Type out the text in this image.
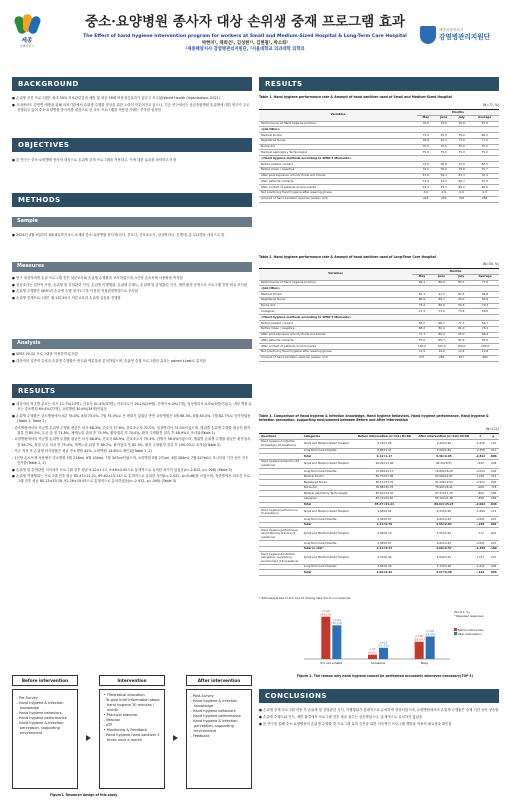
세종
특별자치시
중소·요양병원 종사자 대상 손위생 중재 프로그램 효과
The Effect of hand hygiene intervention program for workers at Small and Medium-Sized Hospital & Long-Term Care Hospital
박현미¹, 채희선¹, 김성현¹², 김현철¹, 박소희¹
¹세종해양지사 감염병관리지원단, ²서울대학교 의과대학 의학과
세종특별자치시
감염병관리지원단
BACKGROUND
● 손위생 증진 프로그램은 최대 50% 의료관련감염 예방 및 평균 16배 비용절감효과가 있다고 보고됨(World Health Organization, 2021)
● 국내에서도 감염병 예방을 위해 의료기관에서 손위생 수행률 향상을 위한 노력이 이루어지고 있으나, 기존 연구에서는 상급종합병원 손위생에 대한 연구가 주로 진행되고 있어 중소·요양병원 종사자를 대상으로 한 교육 프로그램을 적용한 사례는 부족한 실정임
OBJECTIVES
● 본 연구는 중소·요양병원 종사자 대상으로 손위생 중재 프로그램을 적용하고, 이에 대한 효과를 파악하고자 함
METHODS
Sample
● 2024년 4월 9일부터 8월 8일까지 5시 소재의 중소·요양병원 종사자(의사, 간호사, 간호조무사, 임상병리사, 간병사) 총 111명을 대상으로 함
Measures
● 연구 대상자에게 손위 프로그램 전후 설문조사와 손위생 수행률을 조사하였으며, 1인당 손소독제 사용량을 측정함
● 설문조사는 일반적 사항, 손위생 및 감염관련 지식, 손위생 이행행위, 손위생 수행도, 손위생 및 감염관련 인식, 제반 환경 운영으로 프로그램 전후 비교 조사함
● 손위생 수행률은 WHO의 손위생 수행 평가도구를 이용한 직접관찰방법으로 조사함
● 손위생 중재프로그램은 월 1회 3차시 이론교육과 손위생 실습을 진행함
Analysis
● SPSS 29.02 프로그램을 이용하여 분석함
● 대상자의 일반적 특성과 손위생 수행률은 빈도와 백분율을 분석하였으며, 손위생 중재 프로그램의 효과는 paired t-test로 분석함
RESULTS
● 대상자의 직군별 분포는 의사 11.7%(13명), 간호사 51.4%(57명), 간호조무사 26.1%(29명), 간병사 6.3%(7명), 임상병리사 4.5%(5명)이었고, 대상 병원 분포는 중소병원 69.4%(77명), 요양병원 30.6%(34명)이었음
● 손위생 수행률은 중소병원에서 5분 76.0%, 6월 75.0%, 7월 75.0%로 큰 변화가 없었던 반면 요양병원은 5월 68.3%, 6월 80.0%, 7월 82.7%로 증가하였음(Table 1, Table 2)
- 중소병원에서의 직군별 손위생 수행률 평균은 의사 68.3%, 간호사 77.6%, 간호조무사 75.0%, 임상병리사 75.0%이었으며, 행위별 손위생 수행률 평균은 환자접촉 전 80.5%, 무균 술 전 71.8%, 체액노출 위험 후 75.9%, 환자접촉 후 70.0%, 환자 주변환경 접촉 후 48.9%로 조사됨(Table 1)
- 요양병원에서의 직군별 손위생 수행률 평균은 의사 86.8%, 간호사 88.9%, 간호조무사 79.3%, 간병사 56.0%이었으며, 행위별 손위생 수행률 평균은 환자접촉 전 64.7%, 청결 무균 처치 전 75.4%, 체액노출 위험 후 86.2%, 환자접촉 후 82.5%, 환자 주변환경 접촉 후 100.0%로 조사됨(Table 2)
- 직군 적용 후 손위생 이사행률은 평균 종소병원 42%, 요양병원 14.8%로 확인됨(Table 1, 2)
- 1인당 손소독제 사용량은 중소병원 5월 218ml, 6월 250ml, 7월 307ml이었으며, 요양병원 5월 271ml, 6월 284ml, 7월 427ml로 모니터링 기간 동안 지속 증가함(Table 1, 2)
● 손위생 및 감염관련 지식에서 프로그램 전후 평균 9.12±1.17, 9.46±0.93으로 통계적으로 유의한 차이가 있었음(t=-2.812, p=.006) (Table 3)
● 손위생 이행행위는 프로그램 전후 평균 85.47±21.21, 89.62±15.23으로 통계적으로 유의한 차이(t=-2.022, p=0.46)를 보였으며, 직종별에서 대조간 프로그램 전후 평균 80.13±33.76, 92.26±19.93으로 통계적으로 유의하였음(t=-2.922, p=.005) (Table 3)
Before intervention	Intervention	After intervention
- Pre-Survey
- Hand hygiene & Infection knowledge
- Hand hygiene behaviors
- Hand hygiene performance
- Hand hygiene & Infection perception, supporting environment
• Theoretical education
- To give brief information about hand hygiene 30 minutes / month
• Practical exercise
- Vewclox
- ATP
• Monitoring & Feedback
- Hand hygiene,hand sanitizer 3 times once a month
- Post-Survey
- Hand hygiene & Infection knowledge
- Hand hygiene behaviors
- Hand hygiene performance
- Hand hygiene & Infection perception, supporting environment
- Feedback
Figure1. Research design of this study
RESULTS
Table 1. Hand hygiene performance rate & Amount of hand sanitizer used of Small and Medium-Sized Hospital
(N=77, %)
Variables	Months			
	May	June	July	Average
Performance of Hand hygiene practice	76.0	75.0	75.0	75.3
<Job titles>				
Medical Doctor	75.0	55.0	75.0	68.3
Registered Nurse	78.8	81.3	73.0	77.6
Nurse Aid	75.0	75.0	75.0	75.0
Medical Laboratory Technologist	75.0	75.0	75.0	75.0
<Hand hygiene methods according to WHO 5 Moments>				
Before patient contact	79.0	90.8	72.0	80.5
Before Clean / Aseptive	79.0	70.0	75.0	75.7
After post exposure of body fluids and bloods	67.0	59.1	83.3	76.4
After patients contacts	71.0	72.2	66.7	70.0
After contact of patients environments	33.3	33.3	80.0	48.9
Not practicing Hand hygiene after wearing gloves	3.0	4.0	6.0	4.3
Amount of hand sanitizer used per person (ml)	218	250	307	258
Table 2. Hand hygiene performance rate & Amount of hand sanitizer used of Long-Term Care Hospital
(N=34, %)
Variables	Months			
	May	June	July	Average
Performance of Hand hygiene practice	68.3	80.0	82.7	77.0
<Job titles>				
Medical Doctor	81.3	91.7	87.5	86.8
Registered Nurse	80.9	89.7	90.0	86.9
Nurse Aid	73.2	80.0	84.6	79.3
Caregiver	27.3	73.0	73.8	56.0
<Hand hygiene methods according to WHO 5 Moments>				
Before patient contact	50.0	66.7	77.3	64.7
Before Clean / Aseptive	68.2	80.0	81.0	76.4
After post exposure of body fluids and bloods	77.3	85.4	95.0	86.2
After patients contacts	75.0	85.7	82.9	82.5
After contact of patients environments	100.0	100.0	100.0	100.0
Not practicing Hand hygiene after wearing gloves	11.9	19.0	13.4	14.8
Amount of hand sanitizer used per person (ml)	271	284	427	302
Table 3. Comparison of Hand hygiene & Infection knowledge, Hand hygiene behaviors, Hand hygiene performance, Hand hygiene & Infection perception, supporting environment between Before and After intervention
(N=111)
Questions	Categories	Before intervention (n=111) M±SD	After intervention (n=111) M±SD	t	p
Hand hygiene & Infection knowledge (10 questions)	Small and Medium-Sized Hospital	9.19±1.08	9.42±0.99	-1.616	.110
	Long-Term Care Hospital	8.85±1.37	9.56±0.82	-2.358	.017
	Total	9.12±1.17	9.46±0.93	-2.812	.006
Hand hygiene behaviors (29 questions)	Small and Medium-Sized Hospital	94.09±13.08	96.24±8.57	-.832	.036
	Long-Term Care Hospital	70.96±24.17	79.89±18.28	-2.054	.044
	Medical Doctor	80.70±27.06	63.06±14.87	1.016	.213
	Registered Nurse	80.13±33.76	92.26±19.93	-2.922	.005
	Nurse Aid	78.88±30.78	78.96±26.91	-.008	.718
	Medical Laboratory Technologist	80.40±14.02	87.97±11.78	-.892	.566
	Caregiver	82.73±20.60	85.10±21.38	-.858	.284
	Total	85.47±21.21	89.62±15.23	-2.022	.046
Hand hygiene performance (5 questions)	Small and Medium-Sized Hospital	4.48±0.62	4.55±0.60	-1.699	.121
	Long-Term Care Hospital	4.36±0.87	4.66±0.43	-2.061	.007
	Total	4.44±0.70	4.55±0.84	-.198	.661
Hand hygiene performance about Nursing practice (5 questions)	Small and Medium-Sized Hospital	4.38±0.70	4.55±0.59	-.717	.607
	Long-Term Care Hospital	4.38±0.87	4.66±0.43	-2.061	.007
	Total (n=99)*	4.51±0.72	4.60±0.57	-1.349	.180
Hand hygiene & Infection perception, supporting environment (16 questions)	Small and Medium-Sized Hospital	4.70±0.40	4.64±0.52	1.217	.227
	Long-Term Care Hospital	4.58±0.40	4.73±0.38	-1.611	.095
	Total	4.66±0.42	4.67±0.48	-.192	.898
* Total sample size of 111, but 15 missing data due to non-response
n=49
(44.1%)
n=39
(35.1%)
It's not a habit
n=5
(4.5%)
n=13
(11.7%)
Someone
n=20
(18.0%)
n=26
(23.4%)
Busy
(N=111, %)
* Repeated responses
Before intervention
After intervention
Figure 2. The reason why hand hygiene cannot be performed accurately whenever necessary(TOP 3)
CONCLUSIONS
● 손위생 중재 프로그램 적용 후 손위생 및 감염관련 지식, 이행행위가 통계적으로 유의하게 향상되었으며, 요양병원에서의 손위생 수행률은 중재 기간 동안 상승함
● 손위생 수행도와 인식, 제반 환경에서 프로그램 전후 평균 점수는 상승하였으나, 통계적으로 유의하지 않았음
● 본 연구를 통해 중소·요양병원의 손위생 수행률 및 프로그램 효과 증진을 위한 지속적인 프로그램 개발과 적용의 필요성을 확인함
